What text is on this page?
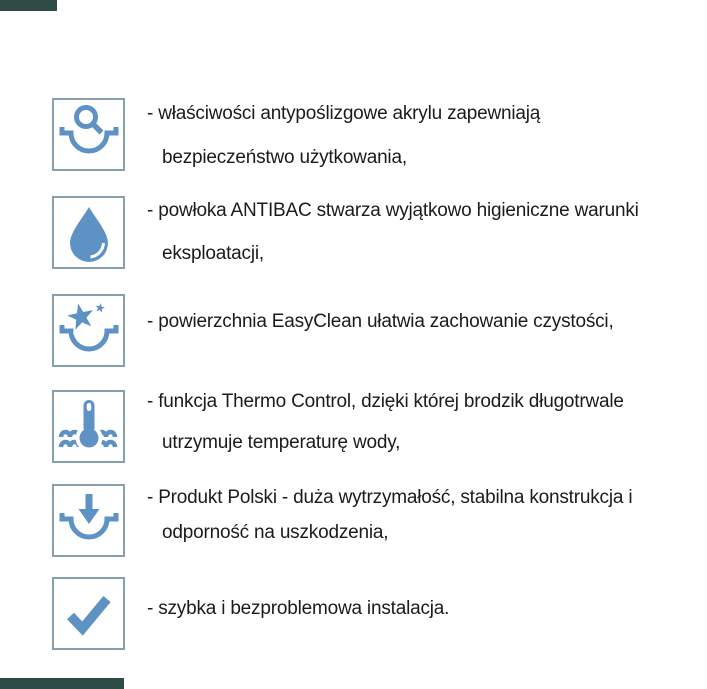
- właściwości antypoślizgowe akrylu zapewniają
bezpieczeństwo użytkowania,
- powłoka ANTIBAC stwarza wyjątkowo higieniczne warunki
eksploatacji,
- powierzchnia EasyClean ułatwia zachowanie czystości,
- funkcja Thermo Control, dzięki której brodzik długotrwale
utrzymuje temperaturę wody,
- Produkt Polski - duża wytrzymałość, stabilna konstrukcja i
odporność na uszkodzenia,
- szybka i bezproblemowa instalacja.
